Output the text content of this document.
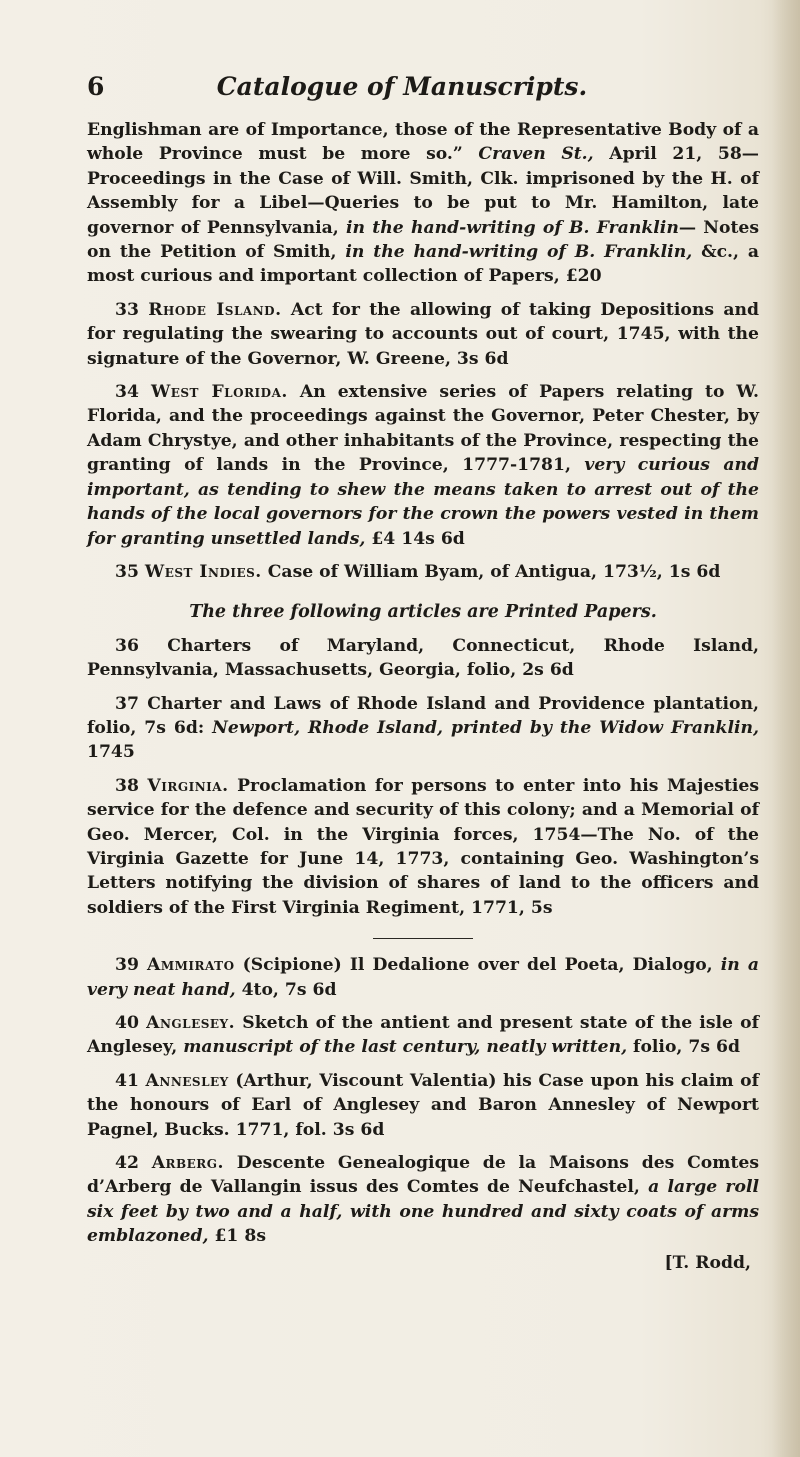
6	Catalogue of Manuscripts.

Englishman are of Importance, those of the Representative Body of a whole Province must be more so.” Craven St., April 21, 58— Proceedings in the Case of Will. Smith, Clk. imprisoned by the H. of Assembly for a Libel—Queries to be put to Mr. Hamilton, late governor of Pennsylvania, in the hand-writing of B. Franklin— Notes on the Petition of Smith, in the hand-writing of B. Franklin, &c., a most curious and important collection of Papers, £20

33 Rhode Island. Act for the allowing of taking Depositions and for regulating the swearing to accounts out of court, 1745, with the signature of the Governor, W. Greene, 3s 6d

34 West Florida. An extensive series of Papers relating to W. Florida, and the proceedings against the Governor, Peter Chester, by Adam Chrystye, and other inhabitants of the Province, respecting the granting of lands in the Province, 1777-1781, very curious and important, as tending to shew the means taken to arrest out of the hands of the local governors for the crown the powers vested in them for granting unsettled lands, £4 14s 6d

35 West Indies. Case of William Byam, of Antigua, 173½, 1s 6d

The three following articles are Printed Papers.

36 Charters of Maryland, Connecticut, Rhode Island, Pennsylvania, Massachusetts, Georgia, folio, 2s 6d

37 Charter and Laws of Rhode Island and Providence plantation, folio, 7s 6d: Newport, Rhode Island, printed by the Widow Franklin, 1745

38 Virginia. Proclamation for persons to enter into his Majesties service for the defence and security of this colony; and a Memorial of Geo. Mercer, Col. in the Virginia forces, 1754—The No. of the Virginia Gazette for June 14, 1773, containing Geo. Washington’s Letters notifying the division of shares of land to the officers and soldiers of the First Virginia Regiment, 1771, 5s

39 Ammirato (Scipione) Il Dedalione over del Poeta, Dialogo, in a very neat hand, 4to, 7s 6d

40 Anglesey. Sketch of the antient and present state of the isle of Anglesey, manuscript of the last century, neatly written, folio, 7s 6d

41 Annesley (Arthur, Viscount Valentia) his Case upon his claim of the honours of Earl of Anglesey and Baron Annesley of Newport Pagnel, Bucks. 1771, fol. 3s 6d

42 Arberg. Descente Genealogique de la Maisons des Comtes d’Arberg de Vallangin issus des Comtes de Neufchastel, a large roll six feet by two and a half, with one hundred and sixty coats of arms emblazoned, £1 8s

[T. Rodd,
